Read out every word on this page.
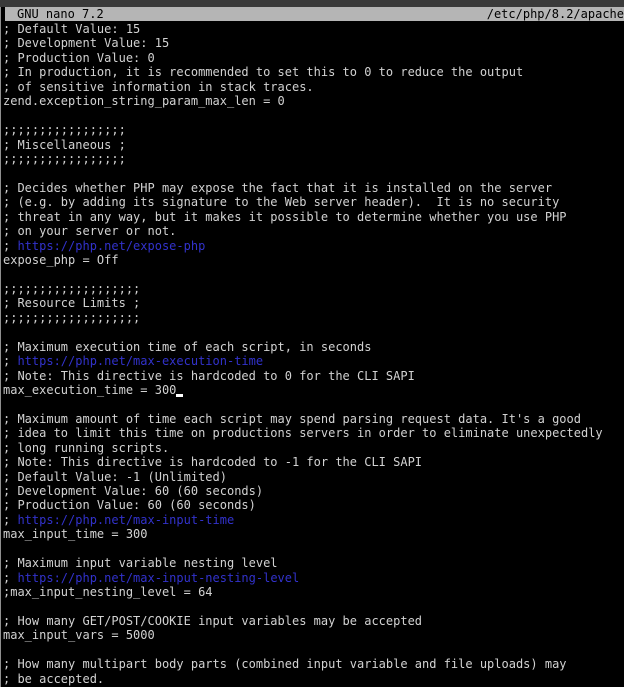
GNU nano 7.2	/etc/php/8.2/apache
; Default Value: 15
; Development Value: 15
; Production Value: 0
; In production, it is recommended to set this to 0 to reduce the output
; of sensitive information in stack traces.
zend.exception_string_param_max_len = 0

;;;;;;;;;;;;;;;;;
; Miscellaneous ;
;;;;;;;;;;;;;;;;;

; Decides whether PHP may expose the fact that it is installed on the server
; (e.g. by adding its signature to the Web server header).  It is no security
; threat in any way, but it makes it possible to determine whether you use PHP
; on your server or not.
; https://php.net/expose-php
expose_php = Off

;;;;;;;;;;;;;;;;;;;
; Resource Limits ;
;;;;;;;;;;;;;;;;;;;

; Maximum execution time of each script, in seconds
; https://php.net/max-execution-time
; Note: This directive is hardcoded to 0 for the CLI SAPI
max_execution_time = 300

; Maximum amount of time each script may spend parsing request data. It's a good
; idea to limit this time on productions servers in order to eliminate unexpectedly
; long running scripts.
; Note: This directive is hardcoded to -1 for the CLI SAPI
; Default Value: -1 (Unlimited)
; Development Value: 60 (60 seconds)
; Production Value: 60 (60 seconds)
; https://php.net/max-input-time
max_input_time = 300

; Maximum input variable nesting level
; https://php.net/max-input-nesting-level
;max_input_nesting_level = 64

; How many GET/POST/COOKIE input variables may be accepted
max_input_vars = 5000

; How many multipart body parts (combined input variable and file uploads) may
; be accepted.
